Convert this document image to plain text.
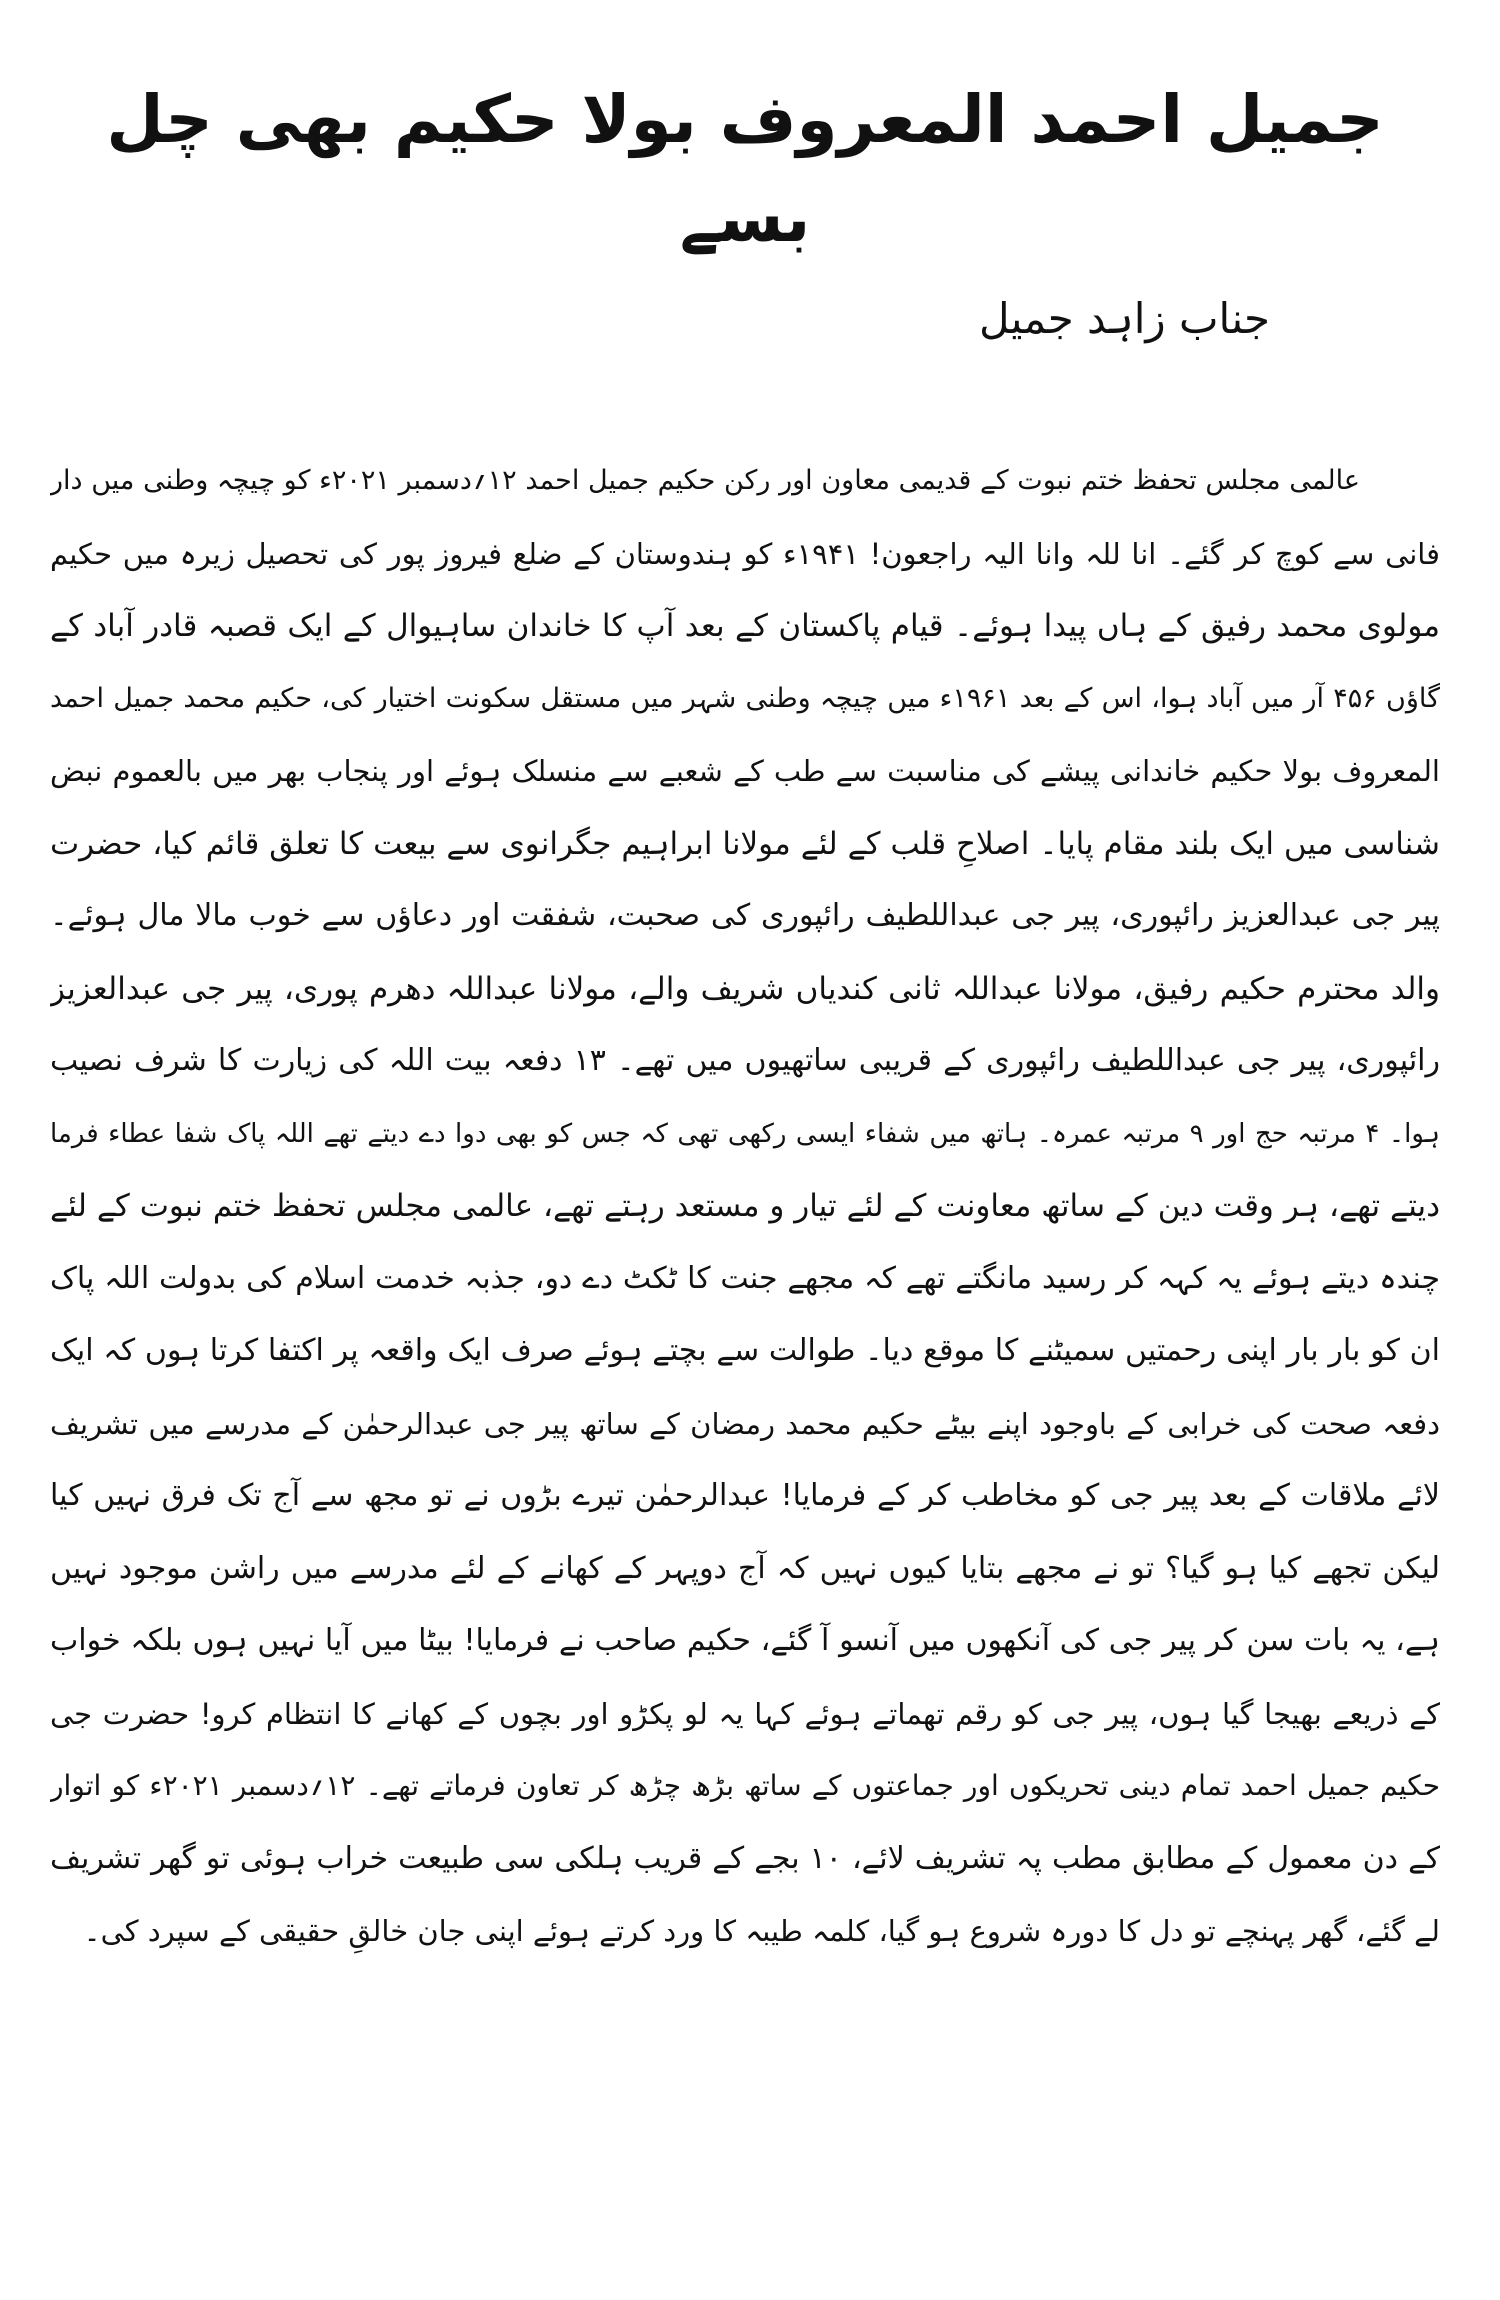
جمیل احمد المعروف بولا حکیم بھی چل بسے
جناب زاہد جمیل
عالمی مجلس تحفظ ختم نبوت کے قدیمی معاون اور رکن حکیم جمیل احمد ۱۲؍دسمبر ۲۰۲۱ء کو چیچہ وطنی میں دار
فانی سے کوچ کر گئے۔ انا للہ وانا الیہ راجعون! ۱۹۴۱ء کو ہندوستان کے ضلع فیروز پور کی تحصیل زیرہ میں حکیم
مولوی محمد رفیق کے ہاں پیدا ہوئے۔ قیام پاکستان کے بعد آپ کا خاندان ساہیوال کے ایک قصبہ قادر آباد کے
گاؤں ۴۵۶ آر میں آباد ہوا، اس کے بعد ۱۹۶۱ء میں چیچہ وطنی شہر میں مستقل سکونت اختیار کی، حکیم محمد جمیل احمد
المعروف بولا حکیم خاندانی پیشے کی مناسبت سے طب کے شعبے سے منسلک ہوئے اور پنجاب بھر میں بالعموم نبض
شناسی میں ایک بلند مقام پایا۔ اصلاحِ قلب کے لئے مولانا ابراہیم جگرانوی سے بیعت کا تعلق قائم کیا، حضرت
پیر جی عبدالعزیز رائپوری، پیر جی عبداللطیف رائپوری کی صحبت، شفقت اور دعاؤں سے خوب مالا مال ہوئے۔
والد محترم حکیم رفیق، مولانا عبداللہ ثانی کندیاں شریف والے، مولانا عبداللہ دھرم پوری، پیر جی عبدالعزیز
رائپوری، پیر جی عبداللطیف رائپوری کے قریبی ساتھیوں میں تھے۔ ۱۳ دفعہ بیت اللہ کی زیارت کا شرف نصیب
ہوا۔ ۴ مرتبہ حج اور ۹ مرتبہ عمرہ۔ ہاتھ میں شفاء ایسی رکھی تھی کہ جس کو بھی دوا دے دیتے تھے اللہ پاک شفا عطاء فرما
دیتے تھے، ہر وقت دین کے ساتھ معاونت کے لئے تیار و مستعد رہتے تھے، عالمی مجلس تحفظ ختم نبوت کے لئے
چندہ دیتے ہوئے یہ کہہ کر رسید مانگتے تھے کہ مجھے جنت کا ٹکٹ دے دو، جذبہ خدمت اسلام کی بدولت اللہ پاک
ان کو بار بار اپنی رحمتیں سمیٹنے کا موقع دیا۔ طوالت سے بچتے ہوئے صرف ایک واقعہ پر اکتفا کرتا ہوں کہ ایک
دفعہ صحت کی خرابی کے باوجود اپنے بیٹے حکیم محمد رمضان کے ساتھ پیر جی عبدالرحمٰن کے مدرسے میں تشریف
لائے ملاقات کے بعد پیر جی کو مخاطب کر کے فرمایا! عبدالرحمٰن تیرے بڑوں نے تو مجھ سے آج تک فرق نہیں کیا
لیکن تجھے کیا ہو گیا؟ تو نے مجھے بتایا کیوں نہیں کہ آج دوپہر کے کھانے کے لئے مدرسے میں راشن موجود نہیں
ہے، یہ بات سن کر پیر جی کی آنکھوں میں آنسو آ گئے، حکیم صاحب نے فرمایا! بیٹا میں آیا نہیں ہوں بلکہ خواب
کے ذریعے بھیجا گیا ہوں، پیر جی کو رقم تھماتے ہوئے کہا یہ لو پکڑو اور بچوں کے کھانے کا انتظام کرو! حضرت جی
حکیم جمیل احمد تمام دینی تحریکوں اور جماعتوں کے ساتھ بڑھ چڑھ کر تعاون فرماتے تھے۔ ۱۲؍دسمبر ۲۰۲۱ء کو اتوار
کے دن معمول کے مطابق مطب پہ تشریف لائے، ۱۰ بجے کے قریب ہلکی سی طبیعت خراب ہوئی تو گھر تشریف
لے گئے، گھر پہنچے تو دل کا دورہ شروع ہو گیا، کلمہ طیبہ کا ورد کرتے ہوئے اپنی جان خالقِ حقیقی کے سپرد کی۔
